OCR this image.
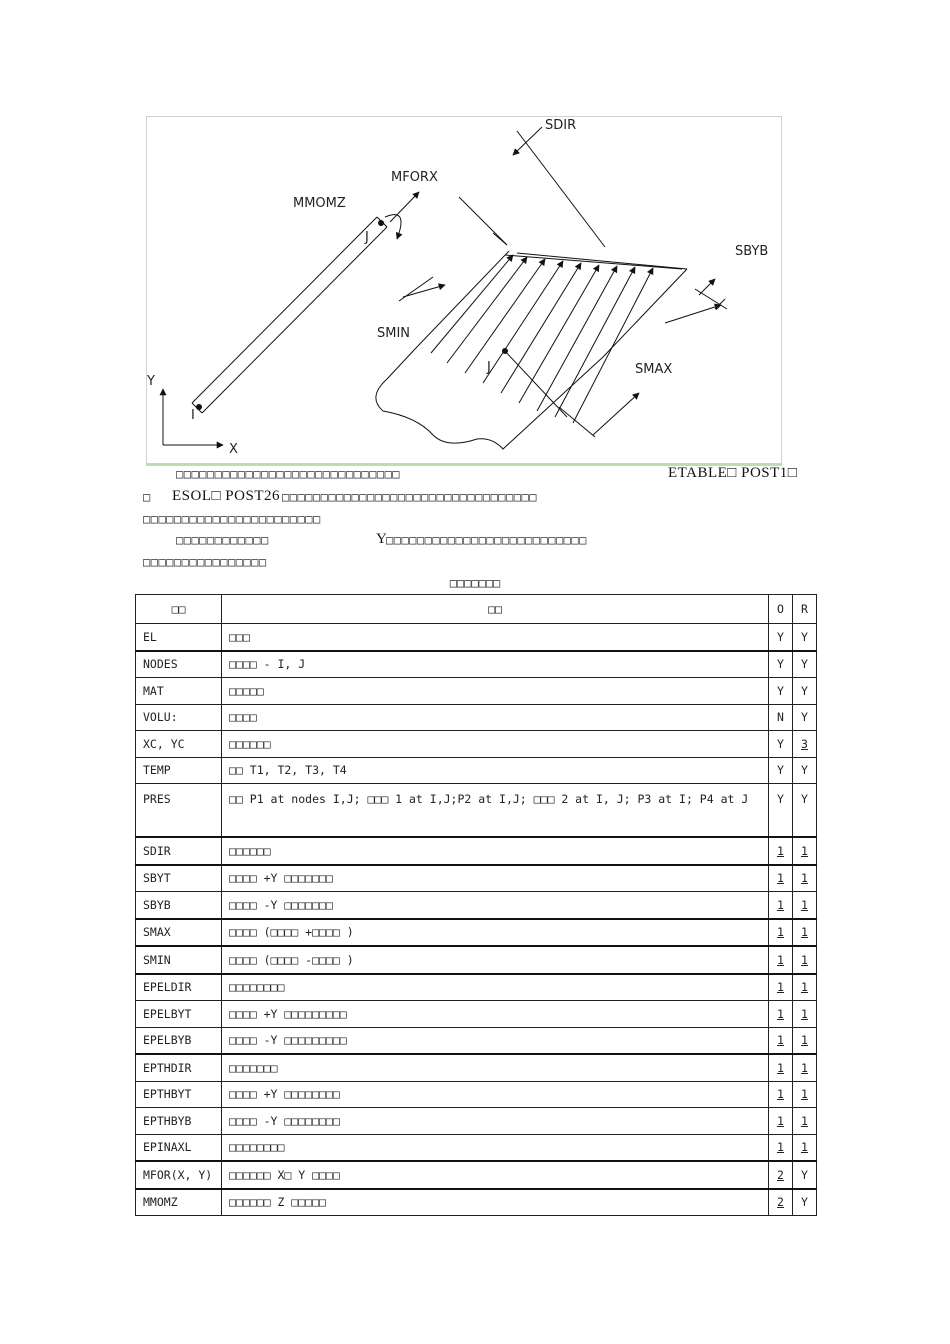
SDIR
MFORX
MMOMZ
SBYB
SMIN
SMAX
I
J
J
X
Y
□□□□□□□□□□□□□□□□□□□□□□□□□□□□□	ETABLE□ POST1□
□ ESOL□ POST26 □□□□□□□□□□□□□□□□□□□□□□□□□□□□□□□□□
□□□□□□□□□□□□□□□□□□□□□□□
□□□□□□□□□□□□	Y
□□□□□□□□□□□□□□□□□□□□□□□□□□
□□□□□□□□□□□□□□□□
□□□□□□□
□□	□□	O	R
EL	□□□	Y	Y
NODES	□□□□ - I, J	Y	Y
MAT	□□□□□	Y	Y
VOLU:	□□□□	N	Y
XC, YC	□□□□□□	Y	3
TEMP	□□ T1, T2, T3, T4	Y	Y
PRES	□□ P1 at nodes I,J; □□□ 1 at I,J;P2 at I,J; □□□ 2 at I, J; P3 at I; P4 at J	Y	Y
SDIR	□□□□□□	1	1
SBYT	□□□□ +Y □□□□□□□	1	1
SBYB	□□□□ -Y □□□□□□□	1	1
SMAX	□□□□ (□□□□ +□□□□ )	1	1
SMIN	□□□□ (□□□□ -□□□□ )	1	1
EPELDIR	□□□□□□□□	1	1
EPELBYT	□□□□ +Y □□□□□□□□□	1	1
EPELBYB	□□□□ -Y □□□□□□□□□	1	1
EPTHDIR	□□□□□□□	1	1
EPTHBYT	□□□□ +Y □□□□□□□□	1	1
EPTHBYB	□□□□ -Y □□□□□□□□	1	1
EPINAXL	□□□□□□□□	1	1
MFOR(X, Y)	□□□□□□ X□ Y □□□□	2	Y
MMOMZ	□□□□□□ Z □□□□□	2	Y
